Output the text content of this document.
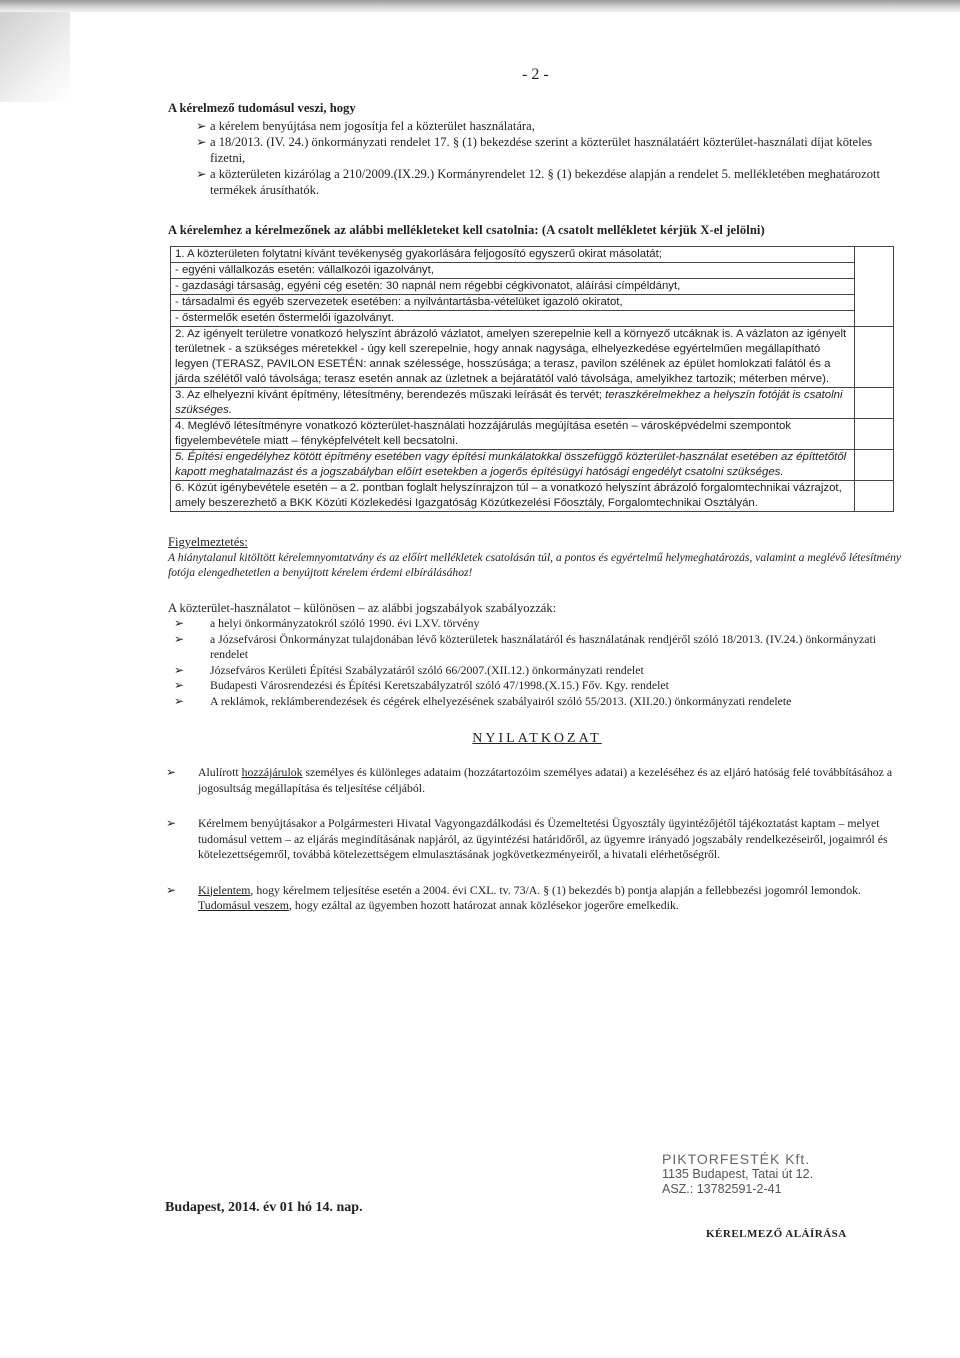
- 2 -
A kérelmező tudomásul veszi, hogy
➢ a kérelem benyújtása nem jogosítja fel a közterület használatára,
➢ a 18/2013. (IV. 24.) önkormányzati rendelet 17. § (1) bekezdése szerint a közterület használatáért közterület-használati díjat köteles fizetni,
➢ a közterületen kizárólag a 210/2009.(IX.29.) Kormányrendelet 12. § (1) bekezdése alapján a rendelet 5. mellékletében meghatározott termékek árusíthatók.
A kérelemhez a kérelmezőnek az alábbi mellékleteket kell csatolnia: (A csatolt mellékletet kérjük X-el jelölni)
1. A közterületen folytatni kívánt tevékenység gyakorlására feljogosító egyszerű okirat másolatát;	
- egyéni vállalkozás esetén: vállalkozói igazolványt,	
- gazdasági társaság, egyéni cég esetén: 30 napnál nem régebbi cégkivonatot, aláírási címpéldányt,	
- társadalmi és egyéb szervezetek esetében: a nyilvántartásba-vételüket igazoló okiratot,	
- őstermelők esetén őstermelői igazolványt.	
2. Az igényelt területre vonatkozó helyszínt ábrázoló vázlatot, amelyen szerepelnie kell a környező utcáknak is. A vázlaton az igényelt területnek - a szükséges méretekkel - úgy kell szerepelnie, hogy annak nagysága, elhelyezkedése egyértelműen megállapítható legyen (TERASZ, PAVILON ESETÉN: annak szélessége, hosszúsága; a terasz, pavilon szélének az épület homlokzati falától és a járda szélétől való távolsága; terasz esetén annak az üzletnek a bejáratától való távolsága, amelyikhez tartozik; méterben mérve).	
3. Az elhelyezni kívánt építmény, létesítmény, berendezés műszaki leírását és tervét; teraszkérelmekhez a helyszín fotóját is csatolni szükséges.	
4. Meglévő létesítményre vonatkozó közterület-használati hozzájárulás megújítása esetén – városképvédelmi szempontok figyelembevétele miatt – fényképfelvételt kell becsatolni.	
5. Építési engedélyhez kötött építmény esetében vagy építési munkálatokkal összefüggő közterület-használat esetében az építtetőtől kapott meghatalmazást és a jogszabályban előírt esetekben a jogerős építésügyi hatósági engedélyt csatolni szükséges.	
6. Közút igénybevétele esetén – a 2. pontban foglalt helyszínrajzon túl – a vonatkozó helyszínt ábrázoló forgalomtechnikai vázrajzot, amely beszerezhető a BKK Közúti Közlekedési Igazgatóság Közútkezelési Főosztály, Forgalomtechnikai Osztályán.	
Figyelmeztetés:
A hiánytalanul kitöltött kérelemnyomtatvány és az előírt mellékletek csatolásán túl, a pontos és egyértelmű helymeghatározás, valamint a meglévő létesítmény fotója elengedhetetlen a benyújtott kérelem érdemi elbírálásához!
A közterület-használatot – különösen – az alábbi jogszabályok szabályozzák:
➢ a helyi önkormányzatokról szóló 1990. évi LXV. törvény
➢ a Józsefvárosi Önkormányzat tulajdonában lévő közterületek használatáról és használatának rendjéről szóló 18/2013. (IV.24.) önkormányzati rendelet
➢ Józsefváros Kerületi Építési Szabályzatáról szóló 66/2007.(XII.12.) önkormányzati rendelet
➢ Budapesti Városrendezési és Építési Keretszabályzatról szóló 47/1998.(X.15.) Főv. Kgy. rendelet
➢ A reklámok, reklámberendezések és cégérek elhelyezésének szabályairól szóló 55/2013. (XII.20.) önkormányzati rendelete
NYILATKOZAT
➢ Alulírott hozzájárulok személyes és különleges adataim (hozzátartozóim személyes adatai) a kezeléséhez és az eljáró hatóság felé továbbításához a jogosultság megállapítása és teljesítése céljából.
➢ Kérelmem benyújtásakor a Polgármesteri Hivatal Vagyongazdálkodási és Üzemeltetési Ügyosztály ügyintézőjétől tájékoztatást kaptam – melyet tudomásul vettem – az eljárás megindításának napjáról, az ügyintézési határidőről, az ügyemre irányadó jogszabály rendelkezéseiről, jogaimról és kötelezettségemről, továbbá kötelezettségem elmulasztásának jogkövetkezményeiről, a hivatali elérhetőségről.
➢ Kijelentem, hogy kérelmem teljesítése esetén a 2004. évi CXL. tv. 73/A. § (1) bekezdés b) pontja alapján a fellebbezési jogomról lemondok. Tudomásul veszem, hogy ezáltal az ügyemben hozott határozat annak közlésekor jogerőre emelkedik.
Budapest, 2014. év 01 hó 14. nap.
PIKTORFESTÉK Kft.
1135 Budapest, Tatai út 12.
ASZ.: 13782591-2-41
KÉRELMEZŐ ALÁÍRÁSA
